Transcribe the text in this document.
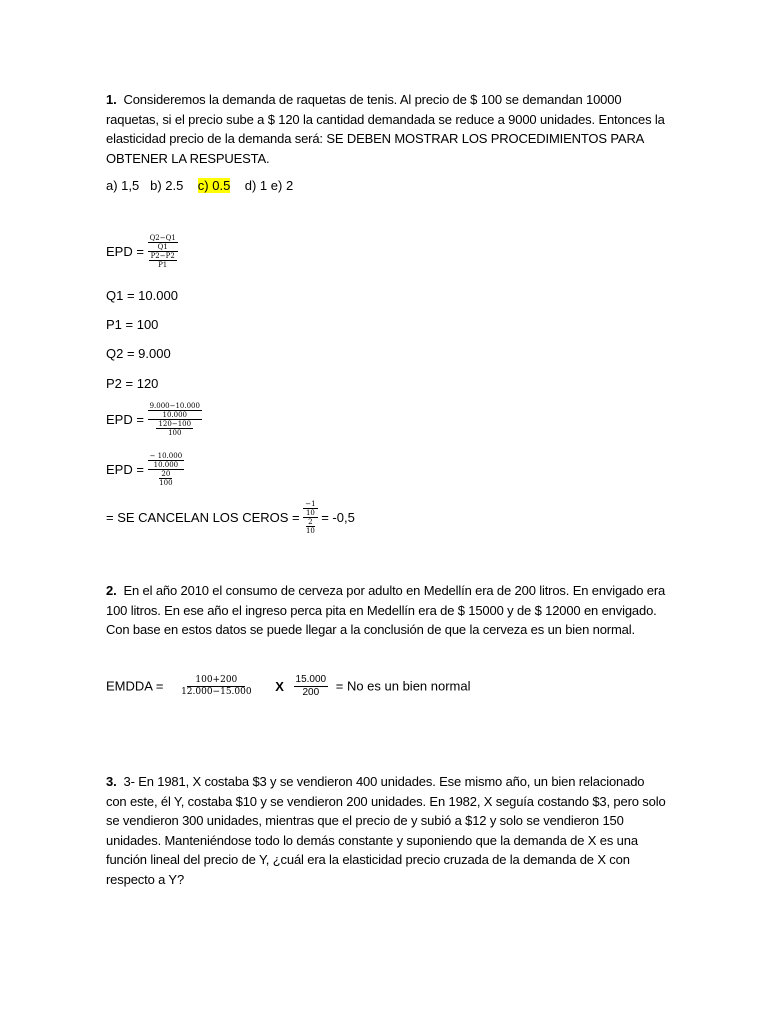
1. Consideremos la demanda de raquetas de tenis. Al precio de $ 100 se demandan 10000 raquetas, si el precio sube a $ 120 la cantidad demandada se reduce a 9000 unidades. Entonces la elasticidad precio de la demanda será: SE DEBEN MOSTRAR LOS PROCEDIMIENTOS PARA OBTENER LA RESPUESTA.
a) 1,5 b) 2.5 c) 0.5 d) 1 e) 2
EPD = $\frac{\frac{Q2-Q1}{Q1}}{\frac{P2-P2}{P1}}$
Q1 = 10.000
P1 = 100
Q2 = 9.000
P2 = 120
EPD = $\frac{\frac{9.000-10.000}{10.000}}{\frac{120-100}{100}}$
EPD = $\frac{\frac{- 10.000}{10.000}}{\frac{20}{100}}$
= SE CANCELAN LOS CEROS = $\frac{\frac{-1}{10}}{\frac{2}{10}} = -0,5$
2. En el año 2010 el consumo de cerveza por adulto en Medellín era de 200 litros. En envigado era 100 litros. En ese año el ingreso perca pita en Medellín era de $ 15000 y de $ 12000 en envigado. Con base en estos datos se puede llegar a la conclusión de que la cerveza es un bien normal.
EMDDA = $\frac{100+200}{12.000-15.000}$ X $\frac{15.000}{200} = No$ es un bien normal
3. 3- En 1981, X costaba $3 y se vendieron 400 unidades. Ese mismo año, un bien relacionado con este, él Y, costaba $10 y se vendieron 200 unidades. En 1982, X seguía costando $3, pero solo se vendieron 300 unidades, mientras que el precio de y subió a $12 y solo se vendieron 150 unidades. Manteniéndose todo lo demás constante y suponiendo que la demanda de X es una función lineal del precio de Y, ¿cuál era la elasticidad precio cruzada de la demanda de X con respecto a Y?
